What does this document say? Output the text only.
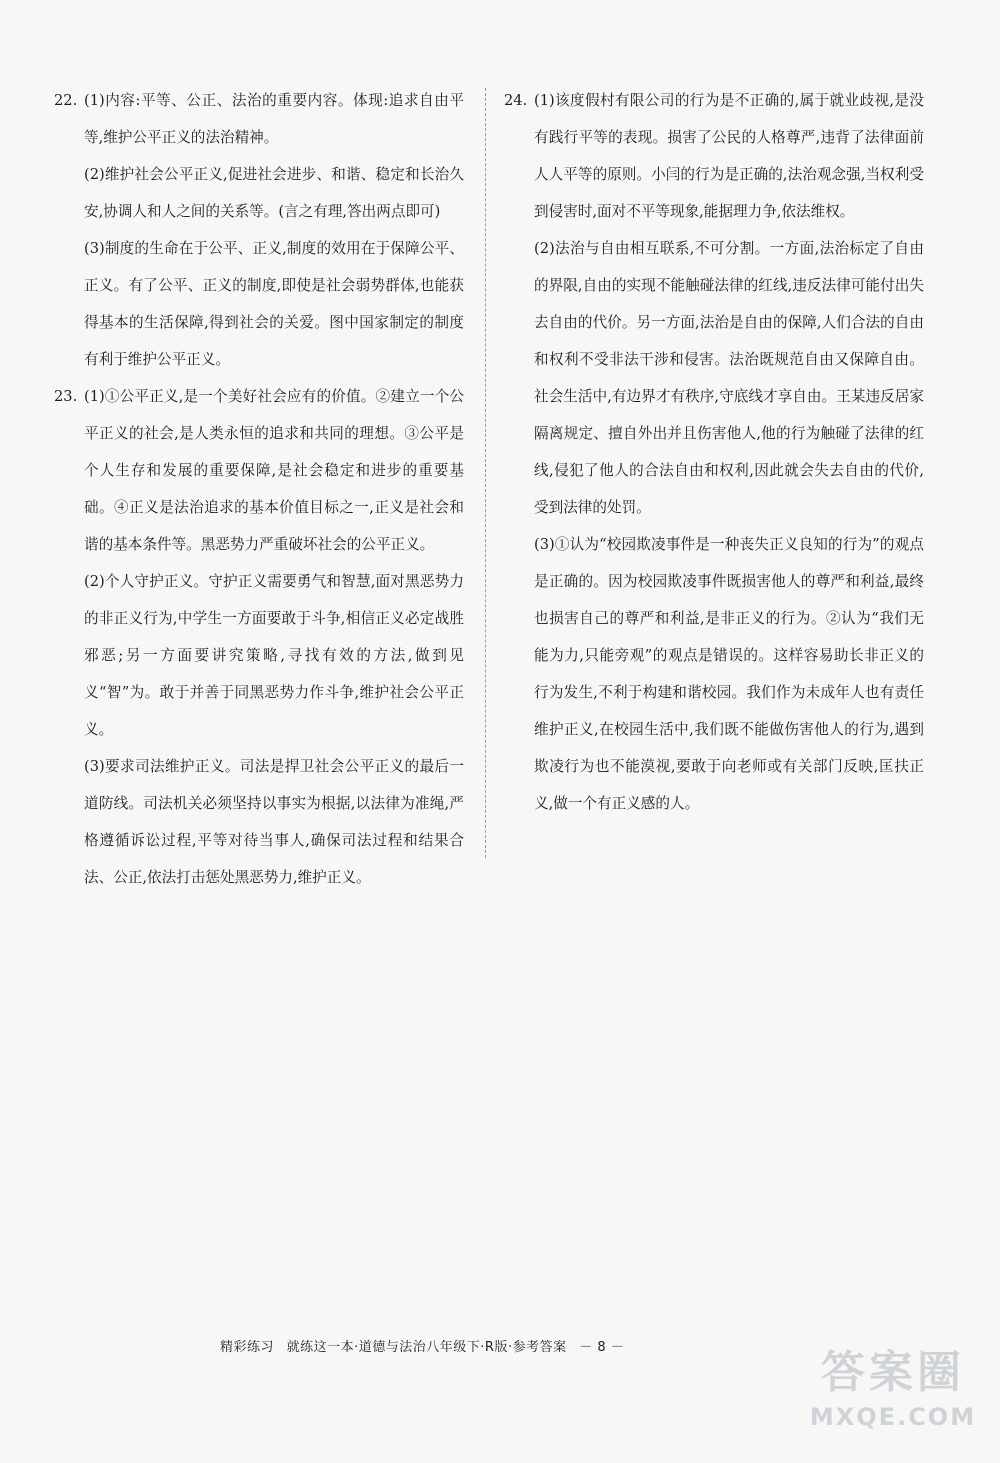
22. (1)内容:平等、公正、法治的重要内容。体现:追求自由平等,维护公平正义的法治精神。

(2)维护社会公平正义,促进社会进步、和谐、稳定和长治久安,协调人和人之间的关系等。(言之有理,答出两点即可)

(3)制度的生命在于公平、正义,制度的效用在于保障公平、正义。有了公平、正义的制度,即使是社会弱势群体,也能获得基本的生活保障,得到社会的关爱。图中国家制定的制度有利于维护公平正义。

23. (1)①公平正义,是一个美好社会应有的价值。②建立一个公平正义的社会,是人类永恒的追求和共同的理想。③公平是个人生存和发展的重要保障,是社会稳定和进步的重要基础。④正义是法治追求的基本价值目标之一,正义是社会和谐的基本条件等。黑恶势力严重破坏社会的公平正义。

(2)个人守护正义。守护正义需要勇气和智慧,面对黑恶势力的非正义行为,中学生一方面要敢于斗争,相信正义必定战胜邪恶;另一方面要讲究策略,寻找有效的方法,做到见义“智”为。敢于并善于同黑恶势力作斗争,维护社会公平正义。

(3)要求司法维护正义。司法是捍卫社会公平正义的最后一道防线。司法机关必须坚持以事实为根据,以法律为准绳,严格遵循诉讼过程,平等对待当事人,确保司法过程和结果合法、公正,依法打击惩处黑恶势力,维护正义。

24. (1)该度假村有限公司的行为是不正确的,属于就业歧视,是没有践行平等的表现。损害了公民的人格尊严,违背了法律面前人人平等的原则。小闫的行为是正确的,法治观念强,当权利受到侵害时,面对不平等现象,能据理力争,依法维权。

(2)法治与自由相互联系,不可分割。一方面,法治标定了自由的界限,自由的实现不能触碰法律的红线,违反法律可能付出失去自由的代价。另一方面,法治是自由的保障,人们合法的自由和权利不受非法干涉和侵害。法治既规范自由又保障自由。社会生活中,有边界才有秩序,守底线才享自由。王某违反居家隔离规定、擅自外出并且伤害他人,他的行为触碰了法律的红线,侵犯了他人的合法自由和权利,因此就会失去自由的代价,受到法律的处罚。

(3)①认为“校园欺凌事件是一种丧失正义良知的行为”的观点是正确的。因为校园欺凌事件既损害他人的尊严和利益,最终也损害自己的尊严和利益,是非正义的行为。②认为“我们无能为力,只能旁观”的观点是错误的。这样容易助长非正义的行为发生,不利于构建和谐校园。我们作为未成年人也有责任维护正义,在校园生活中,我们既不能做伤害他人的行为,遇到欺凌行为也不能漠视,要敢于向老师或有关部门反映,匡扶正义,做一个有正义感的人。

精彩练习 就练这一本·道德与法治八年级下·R版·参考答案 － 8 －	答案圈
MXQE.COM
